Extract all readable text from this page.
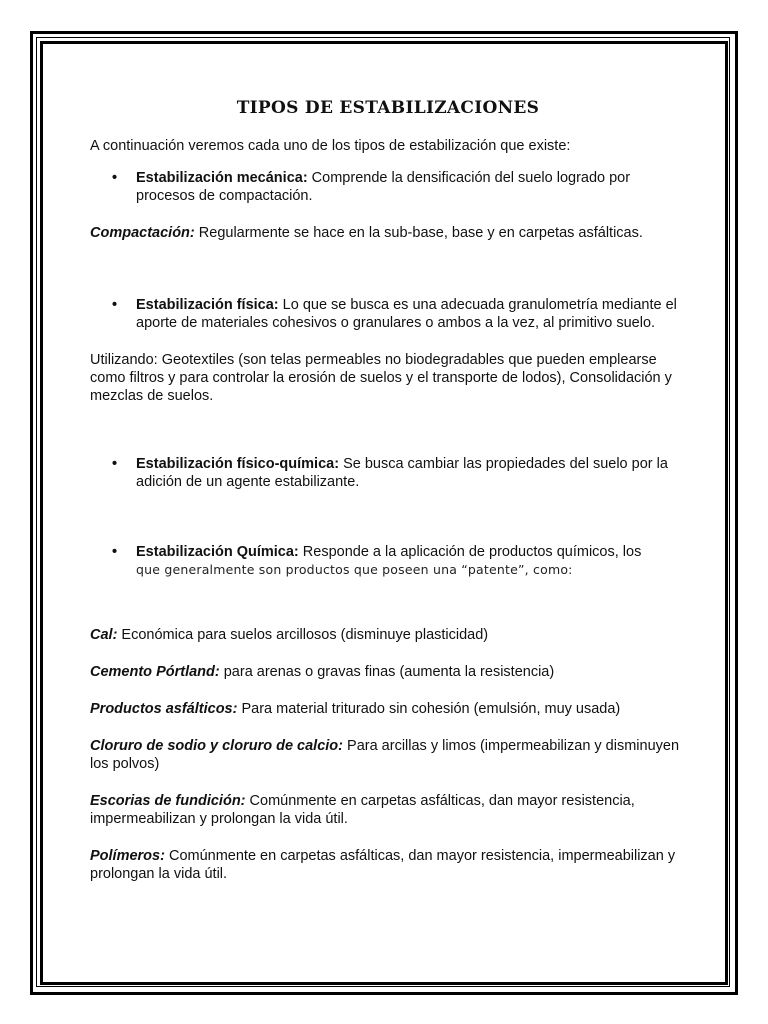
TIPOS DE ESTABILIZACIONES

A continuación veremos cada uno de los tipos de estabilización que existe:

• Estabilización mecánica: Comprende la densificación del suelo logrado por procesos de compactación.

Compactación: Regularmente se hace en la sub-base, base y en carpetas asfálticas.

• Estabilización física: Lo que se busca es una adecuada granulometría mediante el aporte de materiales cohesivos o granulares o ambos a la vez, al primitivo suelo.

Utilizando: Geotextiles (son telas permeables no biodegradables que pueden emplearse como filtros y para controlar la erosión de suelos y el transporte de lodos), Consolidación y mezclas de suelos.

• Estabilización físico-química: Se busca cambiar las propiedades del suelo por la adición de un agente estabilizante.
• Estabilización Química: Responde a la aplicación de productos químicos, los
que generalmente son productos que poseen una “patente”, como:

Cal: Económica para suelos arcillosos (disminuye plasticidad)

Cemento Pórtland: para arenas o gravas finas (aumenta la resistencia)

Productos asfálticos: Para material triturado sin cohesión (emulsión, muy usada)

Cloruro de sodio y cloruro de calcio: Para arcillas y limos (impermeabilizan y disminuyen los polvos)

Escorias de fundición: Comúnmente en carpetas asfálticas, dan mayor resistencia, impermeabilizan y prolongan la vida útil.

Polímeros: Comúnmente en carpetas asfálticas, dan mayor resistencia, impermeabilizan y prolongan la vida útil.
